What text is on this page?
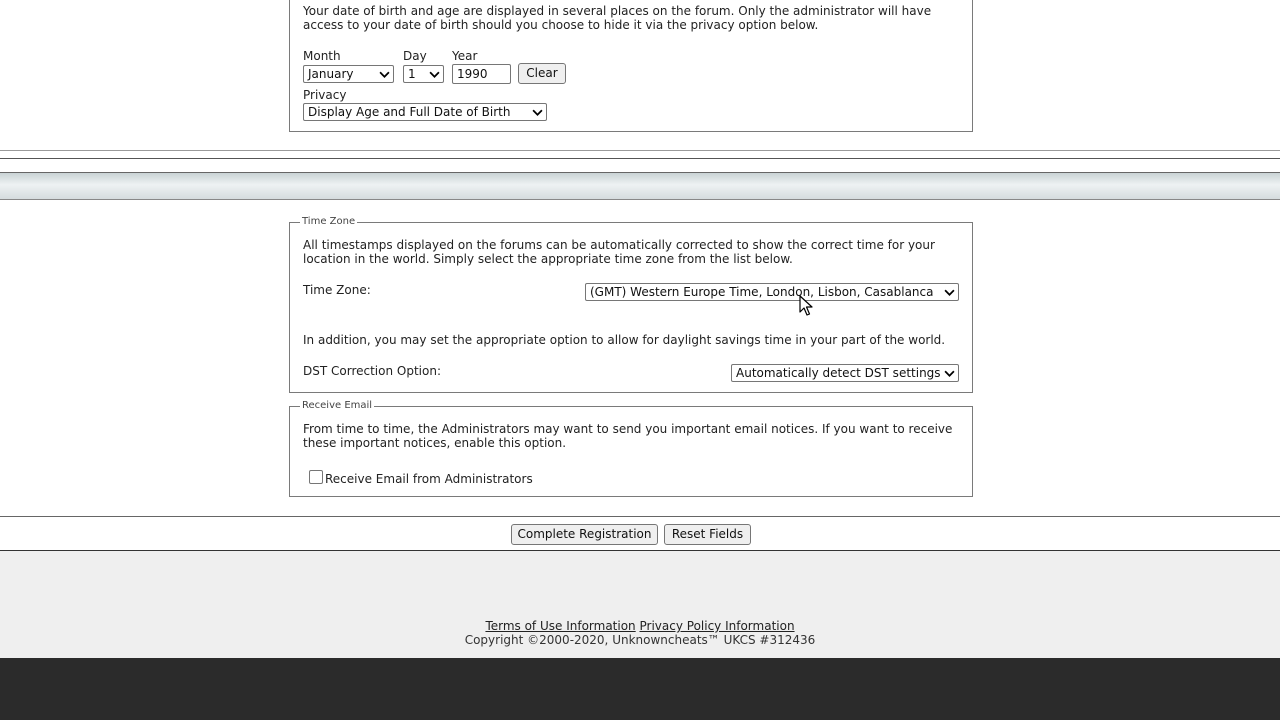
Your date of birth and age are displayed in several places on the forum. Only the administrator will have
access to your date of birth should you choose to hide it via the privacy option below.
Month	Day Year
January	1	1990	Clear
Privacy
Display Age and Full Date of Birth
Time Zone
All timestamps displayed on the forums can be automatically corrected to show the correct time for your
location in the world. Simply select the appropriate time zone from the list below.
Time Zone:	(GMT) Western Europe Time, London, Lisbon, Casablanca
In addition, you may set the appropriate option to allow for daylight savings time in your part of the world.
DST Correction Option:	Automatically detect DST settings
Receive Email
From time to time, the Administrators may want to send you important email notices. If you want to receive
these important notices, enable this option.
Receive Email from Administrators
Complete Registration	Reset Fields
Terms of Use Information Privacy Policy Information
Copyright ©2000-2020, Unknowncheats™ UKCS #312436
